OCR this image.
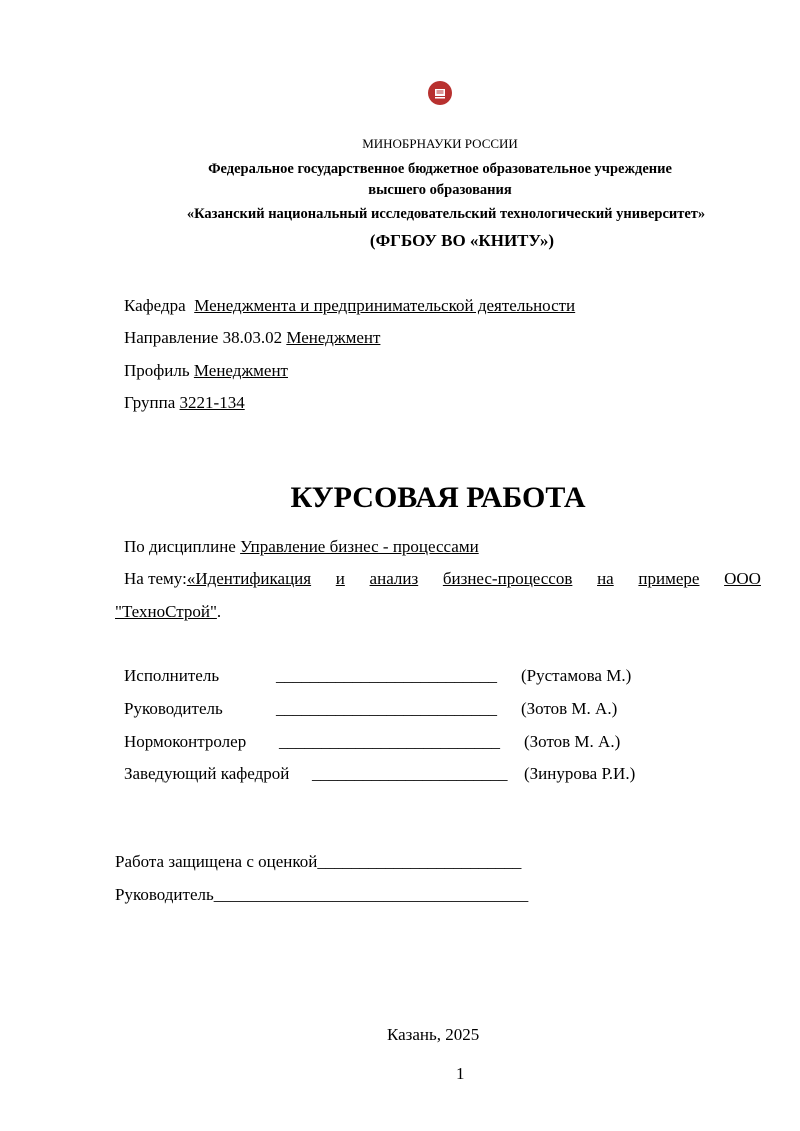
МИНОБРНАУКИ РОССИИ
Федеральное государственное бюджетное образовательное учреждение
высшего образования
«Казанский национальный исследовательский технологический университет»
(ФГБОУ ВО «КНИТУ»)
Кафедра Менеджмента и предпринимательской деятельности
Направление 38.03.02 Менеджмент
Профиль Менеджмент
Группа 3221-134
КУРСОВАЯ РАБОТА
По дисциплине Управление бизнес - процессами
На тему:«Идентификация и анализ бизнес-процессов на примере ООО
"ТехноСтрой".
Исполнитель	__________________________ (Рустамова М.)
Руководитель	__________________________ (Зотов М. А.)
Нормоконтролер __________________________ (Зотов М. А.)
Заведующий кафедрой _______________________ (Зинурова Р.И.)
Работа защищена с оценкой________________________
Руководитель_____________________________________
Казань, 2025
1
